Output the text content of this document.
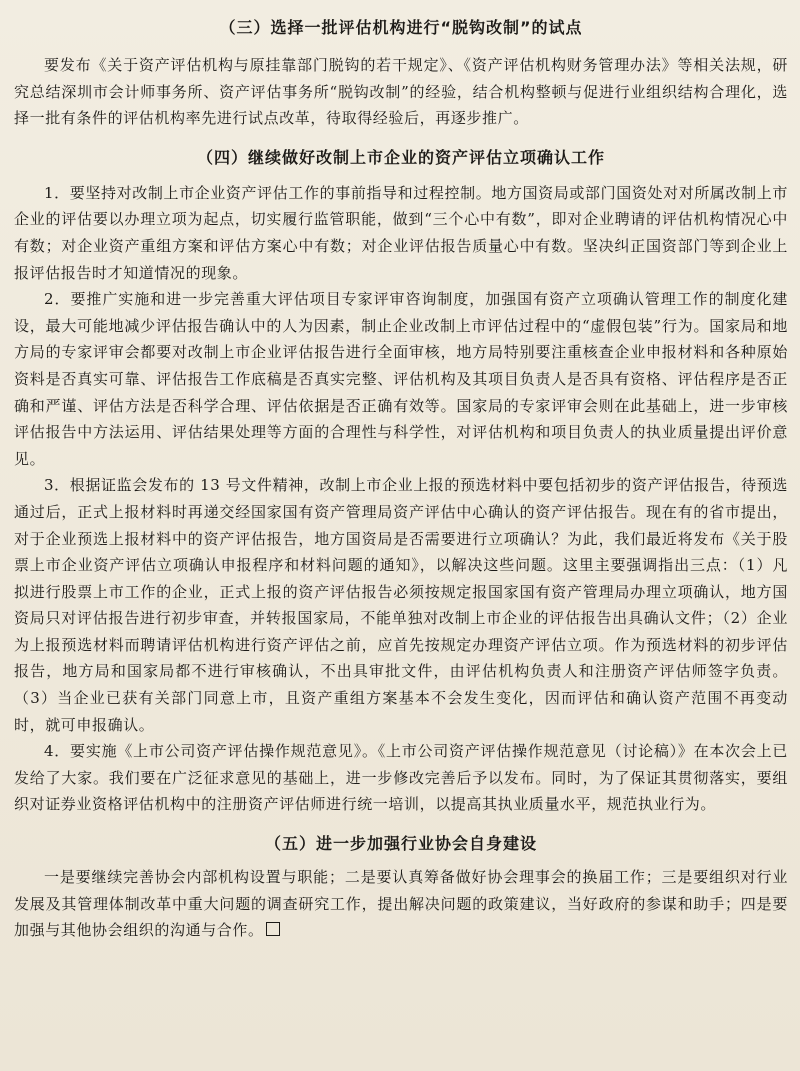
（三）选择一批评估机构进行“脱钩改制”的试点

要发布《关于资产评估机构与原挂靠部门脱钩的若干规定》、《资产评估机构财务管理办法》等相关法规，研究总结深圳市会计师事务所、资产评估事务所“脱钩改制”的经验，结合机构整顿与促进行业组织结构合理化，选择一批有条件的评估机构率先进行试点改革，待取得经验后，再逐步推广。

（四）继续做好改制上市企业的资产评估立项确认工作

1．要坚持对改制上市企业资产评估工作的事前指导和过程控制。地方国资局或部门国资处对对所属改制上市企业的评估要以办理立项为起点，切实履行监管职能，做到“三个心中有数”，即对企业聘请的评估机构情况心中有数；对企业资产重组方案和评估方案心中有数；对企业评估报告质量心中有数。坚决纠正国资部门等到企业上报评估报告时才知道情况的现象。

2．要推广实施和进一步完善重大评估项目专家评审咨询制度，加强国有资产立项确认管理工作的制度化建设，最大可能地减少评估报告确认中的人为因素，制止企业改制上市评估过程中的“虚假包装”行为。国家局和地方局的专家评审会都要对改制上市企业评估报告进行全面审核，地方局特别要注重核查企业申报材料和各种原始资料是否真实可靠、评估报告工作底稿是否真实完整、评估机构及其项目负责人是否具有资格、评估程序是否正确和严谨、评估方法是否科学合理、评估依据是否正确有效等。国家局的专家评审会则在此基础上，进一步审核评估报告中方法运用、评估结果处理等方面的合理性与科学性，对评估机构和项目负责人的执业质量提出评价意见。

3．根据证监会发布的 13 号文件精神，改制上市企业上报的预选材料中要包括初步的资产评估报告，待预选通过后，正式上报材料时再递交经国家国有资产管理局资产评估中心确认的资产评估报告。现在有的省市提出，对于企业预选上报材料中的资产评估报告，地方国资局是否需要进行立项确认？为此，我们最近将发布《关于股票上市企业资产评估立项确认申报程序和材料问题的通知》，以解决这些问题。这里主要强调指出三点：（1）凡拟进行股票上市工作的企业，正式上报的资产评估报告必须按规定报国家国有资产管理局办理立项确认，地方国资局只对评估报告进行初步审查，并转报国家局，不能单独对改制上市企业的评估报告出具确认文件；（2）企业为上报预选材料而聘请评估机构进行资产评估之前，应首先按规定办理资产评估立项。作为预选材料的初步评估报告，地方局和国家局都不进行审核确认，不出具审批文件，由评估机构负责人和注册资产评估师签字负责。（3）当企业已获有关部门同意上市，且资产重组方案基本不会发生变化，因而评估和确认资产范围不再变动时，就可申报确认。

4．要实施《上市公司资产评估操作规范意见》。《上市公司资产评估操作规范意见（讨论稿）》在本次会上已发给了大家。我们要在广泛征求意见的基础上，进一步修改完善后予以发布。同时，为了保证其贯彻落实，要组织对证券业资格评估机构中的注册资产评估师进行统一培训，以提高其执业质量水平，规范执业行为。

（五）进一步加强行业协会自身建设

一是要继续完善协会内部机构设置与职能；二是要认真筹备做好协会理事会的换届工作；三是要组织对行业发展及其管理体制改革中重大问题的调查研究工作，提出解决问题的政策建议，当好政府的参谋和助手；四是要加强与其他协会组织的沟通与合作。
